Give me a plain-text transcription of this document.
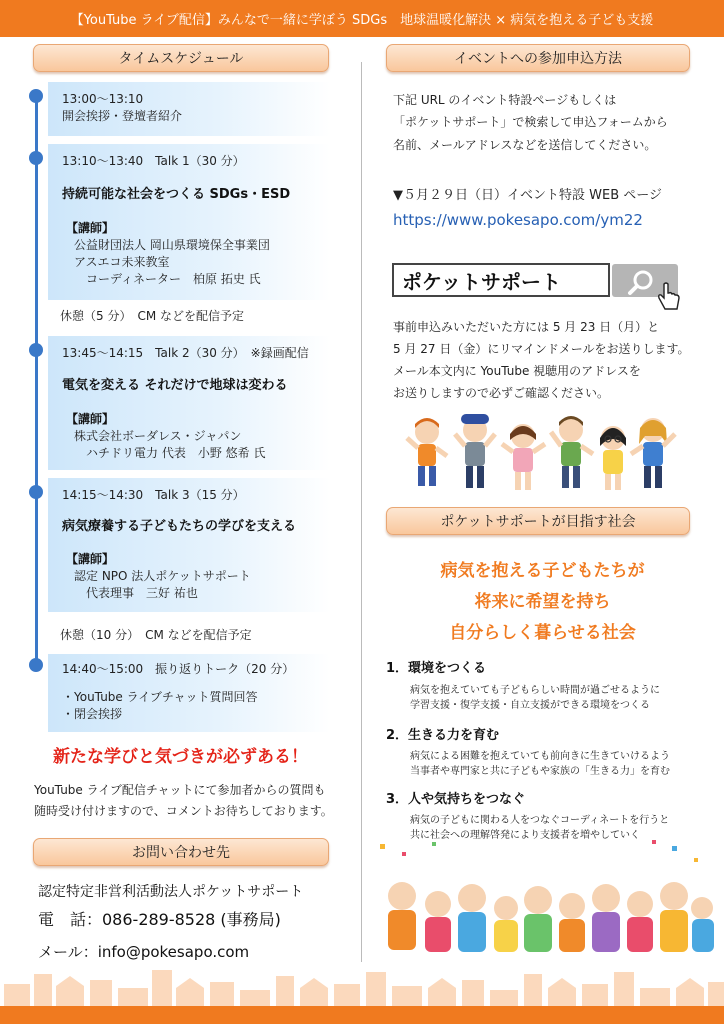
【YouTube ライブ配信】みんなで一緒に学ぼう SDGs　地球温暖化解決 × 病気を抱える子ども支援
タイムスケジュール
13:00〜13:10
開会挨拶・登壇者紹介
13:10〜13:40　Talk 1（30 分）
持続可能な社会をつくる SDGs・ESD
【講師】
公益財団法人 岡山県環境保全事業団
アスエコ未来教室
コーディネーター　柏原 拓史 氏
休憩（5 分）　CM などを配信予定
13:45〜14:15　Talk 2（30 分）　※録画配信
電気を変える それだけで地球は変わる
【講師】
株式会社ボーダレス・ジャパン
ハチドリ電力 代表　小野 悠希 氏
14:15〜14:30　Talk 3（15 分）
病気療養する子どもたちの学びを支える
【講師】
認定 NPO 法人ポケットサポート
代表理事　三好 祐也
休憩（10 分）　CM などを配信予定
14:40〜15:00　振り返りトーク（20 分）
・YouTube ライブチャット質問回答
・閉会挨拶
新たな学びと気づきが必ずある！
YouTube ライブ配信チャットにて参加者からの質問も
随時受け付けますので、コメントお待ちしております。
お問い合わせ先
認定特定非営利活動法人ポケットサポート
電　話：086-289-8528 (事務局)
メール：info@pokesapo.com
イベントへの参加申込方法
下記 URL のイベント特設ページもしくは
「ポケットサポート」で検索して申込フォームから
名前、メールアドレスなどを送信してください。
▼５月２９日（日）イベント特設 WEB ページ
https://www.pokesapo.com/ym22
ポケットサポート
事前申込みいただいた方には 5 月 23 日（月）と
5 月 27 日（金）にリマインドメールをお送りします。
メール本文内に YouTube 視聴用のアドレスを
お送りしますので必ずご確認ください。
ポケットサポートが目指す社会
病気を抱える子どもたちが
将来に希望を持ち
自分らしく暮らせる社会
1．環境をつくる
病気を抱えていても子どもらしい時間が過ごせるように
学習支援・復学支援・自立支援ができる環境をつくる
2．生きる力を育む
病気による困難を抱えていても前向きに生きていけるよう
当事者や専門家と共に子どもや家族の「生きる力」を育む
3．人や気持ちをつなぐ
病気の子どもに関わる人をつなぐコーディネートを行うと
共に社会への理解啓発により支援者を増やしていく
